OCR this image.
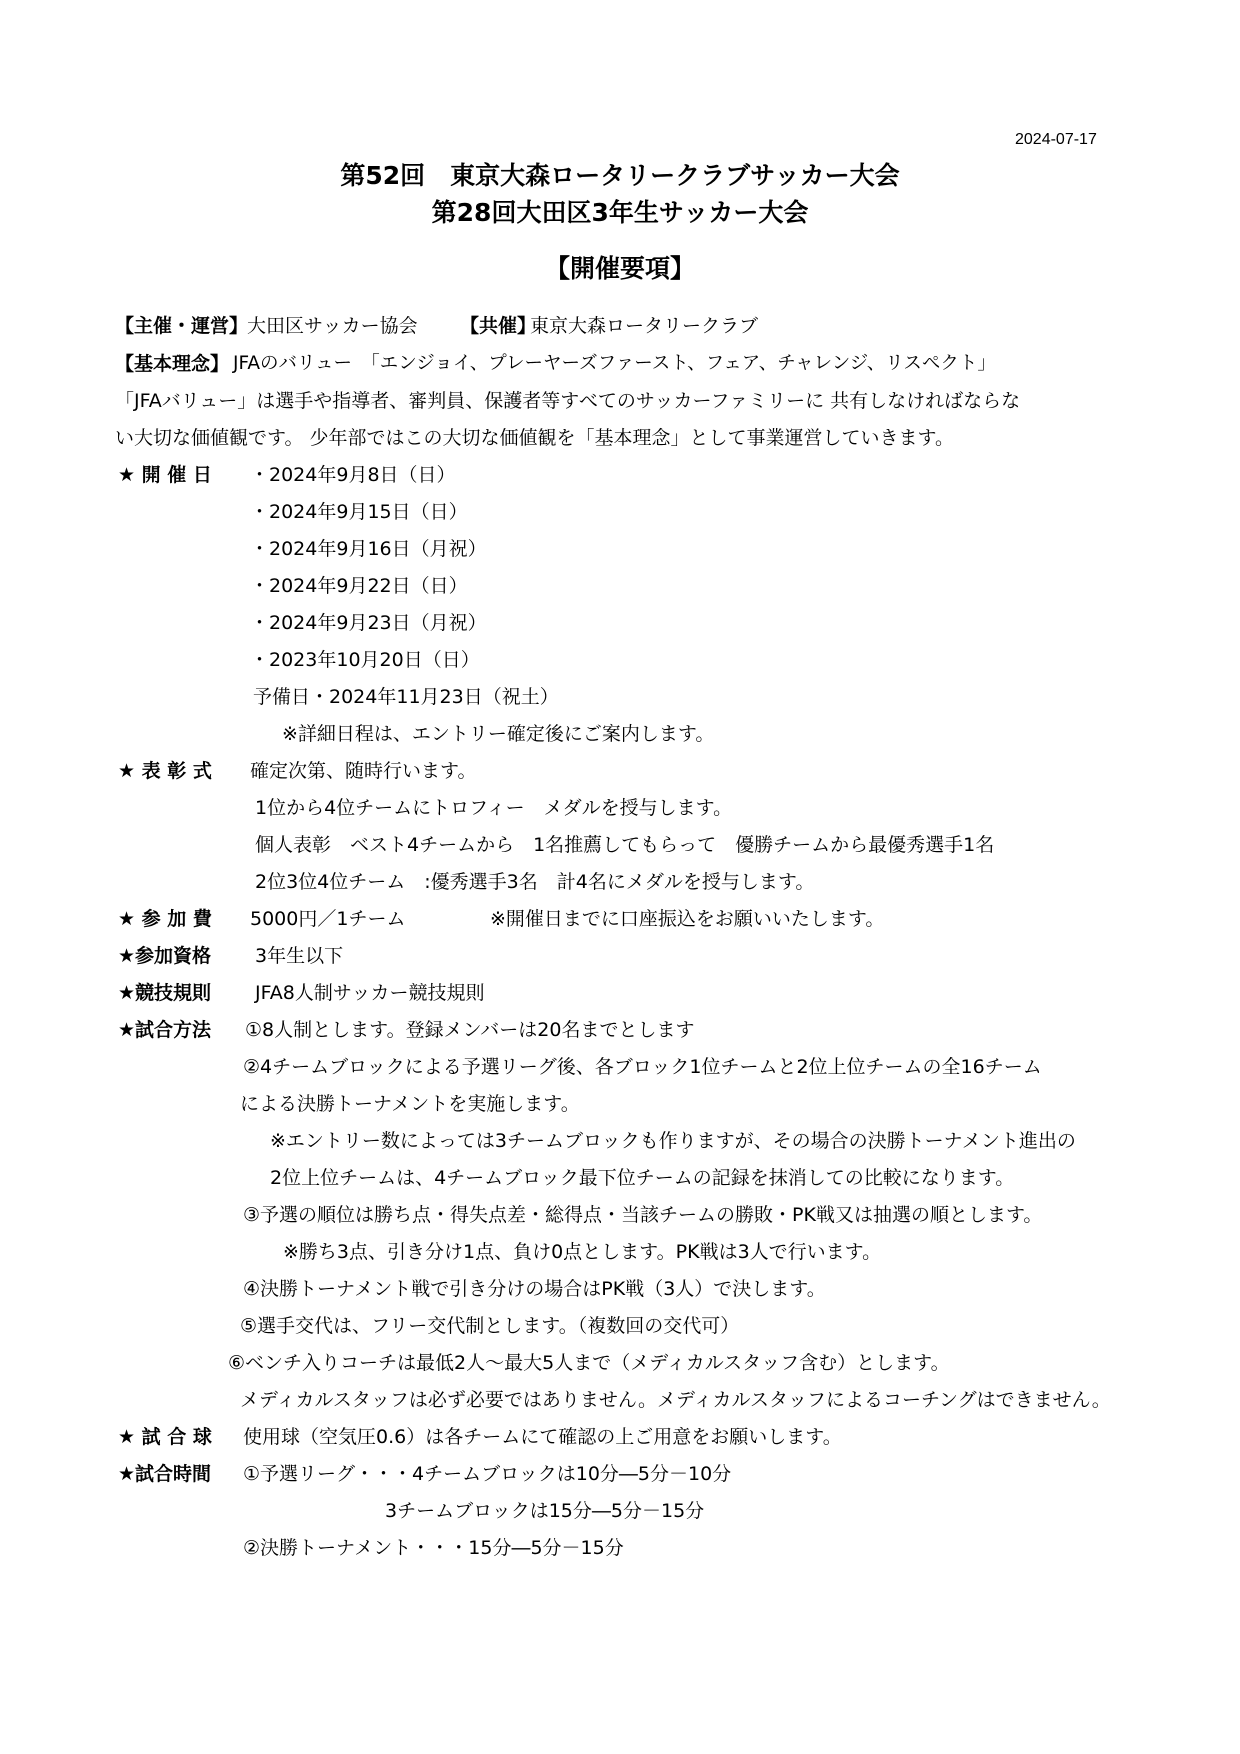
2024-07-17
第52回　東京大森ロータリークラブサッカー大会
第28回大田区3年生サッカー大会
【開催要項】
【主催・運営】
大田区サッカー協会 【共催】
東京大森ロータリークラブ
【基本理念】 JFAのバリュー　「エンジョイ、プレーヤーズファースト、フェア、チャレンジ、リスペクト」
「JFAバリュー」は選手や指導者、審判員、保護者等すべてのサッカーファミリーに 共有しなければならな
い大切な価値観です。 少年部ではこの大切な価値観を「基本理念」として事業運営していきます。
★ 開 催 日 ・2024年9月8日（日）
・2024年9月15日（日）
・2024年9月16日（月祝）
・2024年9月22日（日）
・2024年9月23日（月祝）
・2023年10月20日（日）
予備日・2024年11月23日（祝土）
※詳細日程は、エントリー確定後にご案内します。
★ 表 彰 式 確定次第、随時行います。
1位から4位チームにトロフィー　メダルを授与します。
個人表彰　ベスト4チームから　1名推薦してもらって　優勝チームから最優秀選手1名
2位3位4位チーム　:優秀選手3名　計4名にメダルを授与します。
★ 参 加 費 5000円／1チーム	※開催日までに口座振込をお願いいたします。
★参加資格 3年生以下
★競技規則 JFA8人制サッカー競技規則
★試合方法 ①8人制とします。登録メンバーは20名までとします
②4チームブロックによる予選リーグ後、各ブロック1位チームと2位上位チームの全16チーム
による決勝トーナメントを実施します。
※エントリー数によっては3チームブロックも作りますが、その場合の決勝トーナメント進出の
2位上位チームは、4チームブロック最下位チームの記録を抹消しての比較になります。
③予選の順位は勝ち点・得失点差・総得点・当該チームの勝敗・PK戦又は抽選の順とします。
※勝ち3点、引き分け1点、負け0点とします。PK戦は3人で行います。
④決勝トーナメント戦で引き分けの場合はPK戦（3人）で決します。
⑤選手交代は、フリー交代制とします。（複数回の交代可）
⑥ベンチ入りコーチは最低2人～最大5人まで（メディカルスタッフ含む）とします。
メディカルスタッフは必ず必要ではありません。メディカルスタッフによるコーチングはできません。
★ 試 合 球 使用球（空気圧0.6）は各チームにて確認の上ご用意をお願いします。
★試合時間 ①予選リーグ・・・4チームブロックは10分―5分－10分
3チームブロックは15分―5分－15分
②決勝トーナメント・・・15分―5分－15分
